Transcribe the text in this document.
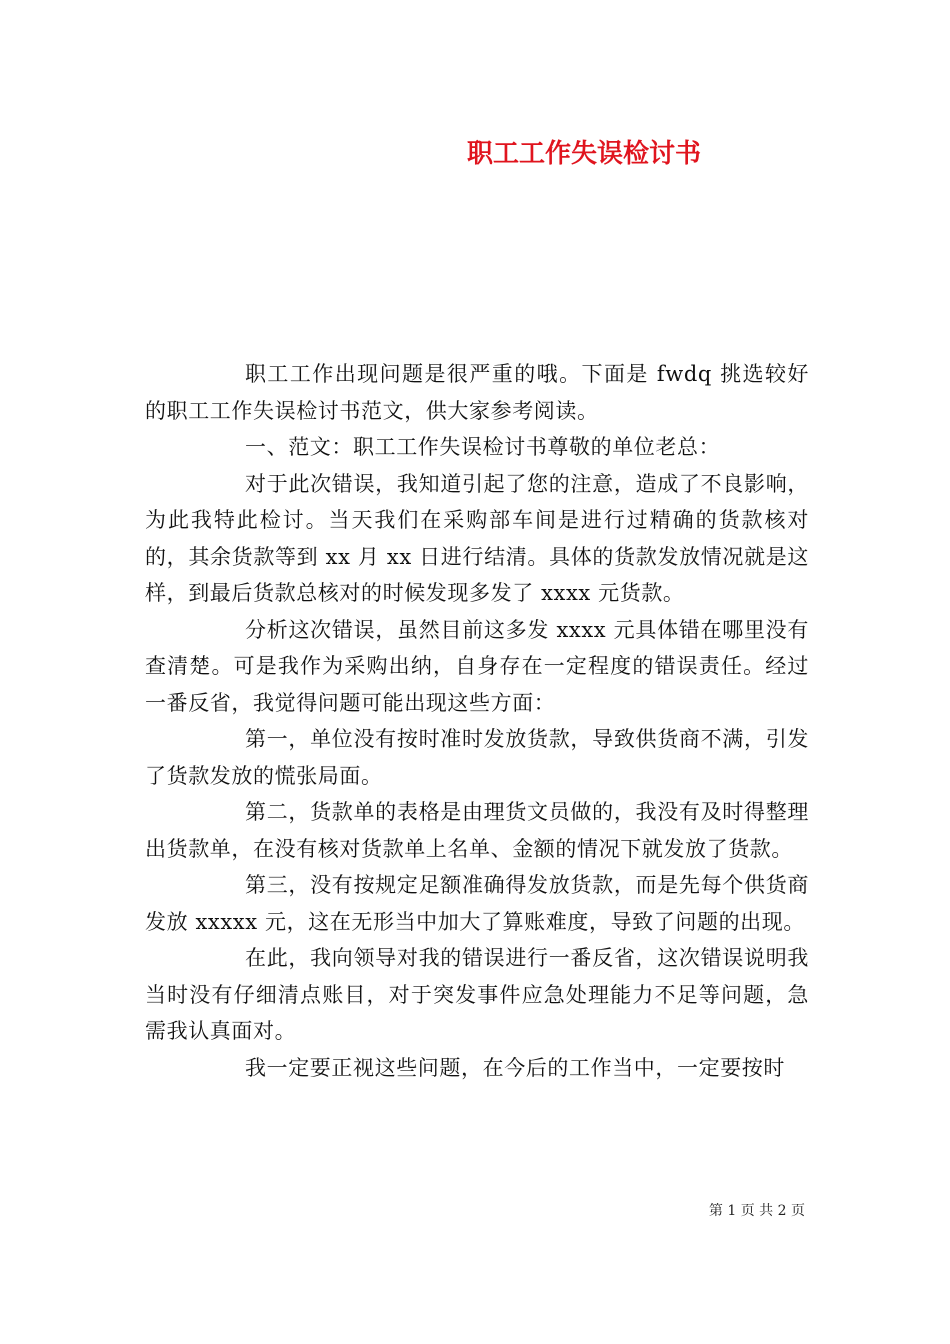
职工工作失误检讨书

职工工作出现问题是很严重的哦。下面是 fwdq 挑选较好的职工工作失误检讨书范文，供大家参考阅读。

一、范文：职工工作失误检讨书尊敬的单位老总：

对于此次错误，我知道引起了您的注意，造成了不良影响，为此我特此检讨。当天我们在采购部车间是进行过精确的货款核对的，其余货款等到 xx 月 xx 日进行结清。具体的货款发放情况就是这样，到最后货款总核对的时候发现多发了 xxxx 元货款。

分析这次错误，虽然目前这多发 xxxx 元具体错在哪里没有查清楚。可是我作为采购出纳，自身存在一定程度的错误责任。经过一番反省，我觉得问题可能出现这些方面：

第一，单位没有按时准时发放货款，导致供货商不满，引发了货款发放的慌张局面。

第二，货款单的表格是由理货文员做的，我没有及时得整理出货款单，在没有核对货款单上名单、金额的情况下就发放了货款。

第三，没有按规定足额准确得发放货款，而是先每个供货商发放 xxxxx 元，这在无形当中加大了算账难度，导致了问题的出现。

在此，我向领导对我的错误进行一番反省，这次错误说明我当时没有仔细清点账目，对于突发事件应急处理能力不足等问题，急需我认真面对。

我一定要正视这些问题，在今后的工作当中，一定要按时

第 1 页 共 2 页
